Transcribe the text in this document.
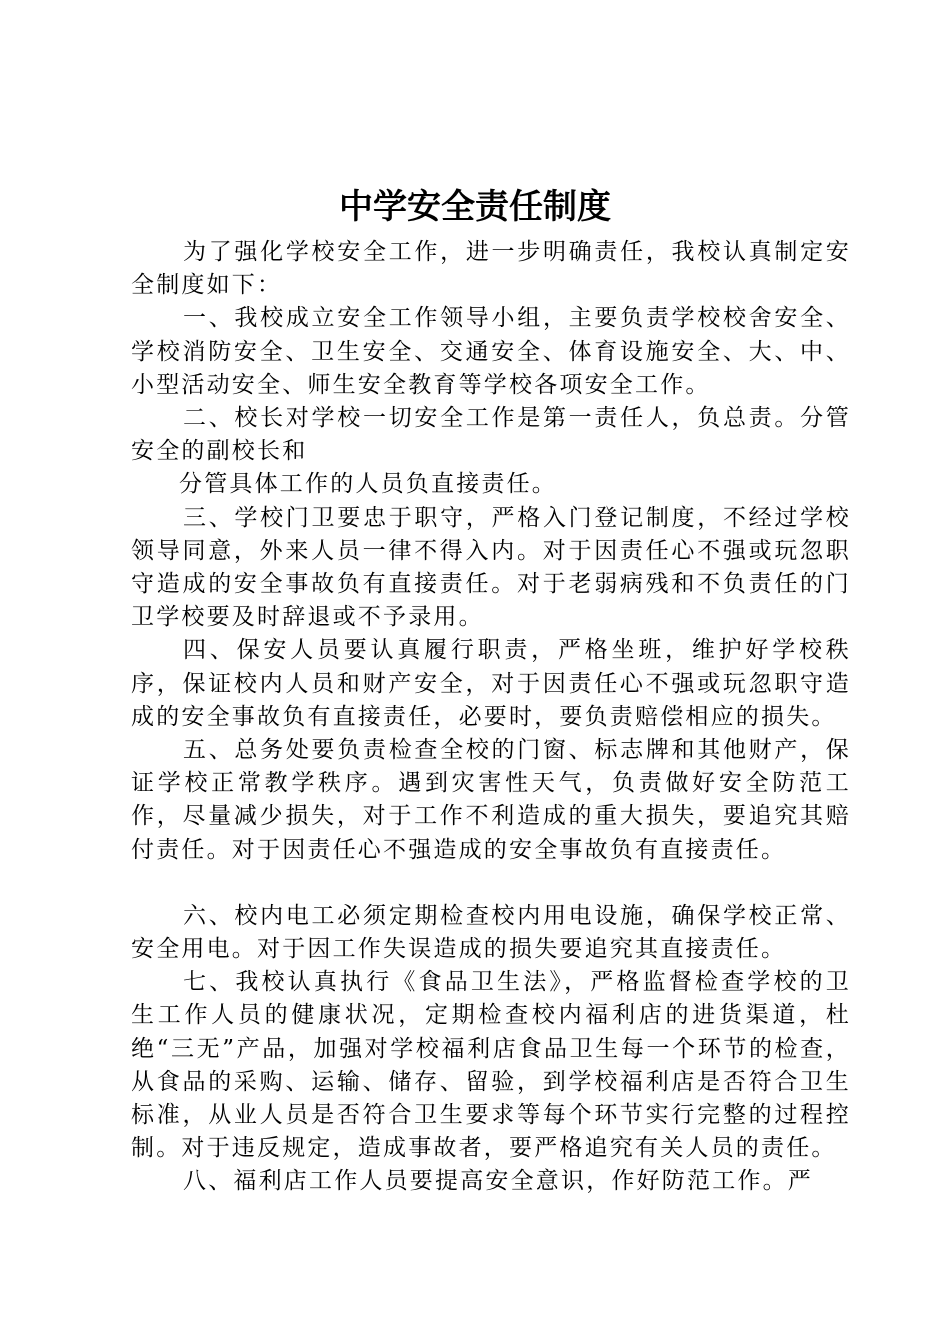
中学安全责任制度

为了强化学校安全工作，进一步明确责任，我校认真制定安全制度如下：

一、我校成立安全工作领导小组，主要负责学校校舍安全、学校消防安全、卫生安全、交通安全、体育设施安全、大、中、小型活动安全、师生安全教育等学校各项安全工作。

二、校长对学校一切安全工作是第一责任人，负总责。分管安全的副校长和

分管具体工作的人员负直接责任。

三、学校门卫要忠于职守，严格入门登记制度，不经过学校领导同意，外来人员一律不得入内。对于因责任心不强或玩忽职守造成的安全事故负有直接责任。对于老弱病残和不负责任的门卫学校要及时辞退或不予录用。

四、保安人员要认真履行职责，严格坐班，维护好学校秩序，保证校内人员和财产安全，对于因责任心不强或玩忽职守造成的安全事故负有直接责任，必要时，要负责赔偿相应的损失。

五、总务处要负责检查全校的门窗、标志牌和其他财产，保证学校正常教学秩序。遇到灾害性天气，负责做好安全防范工作，尽量减少损失，对于工作不利造成的重大损失，要追究其赔付责任。对于因责任心不强造成的安全事故负有直接责任。

六、校内电工必须定期检查校内用电设施，确保学校正常、安全用电。对于因工作失误造成的损失要追究其直接责任。

七、我校认真执行《食品卫生法》，严格监督检查学校的卫生工作人员的健康状况，定期检查校内福利店的进货渠道，杜绝“三无”产品，加强对学校福利店食品卫生每一个环节的检查，从食品的采购、运输、储存、留验，到学校福利店是否符合卫生标准，从业人员是否符合卫生要求等每个环节实行完整的过程控制。对于违反规定，造成事故者，要严格追究有关人员的责任。

八、福利店工作人员要提高安全意识，作好防范工作。严
